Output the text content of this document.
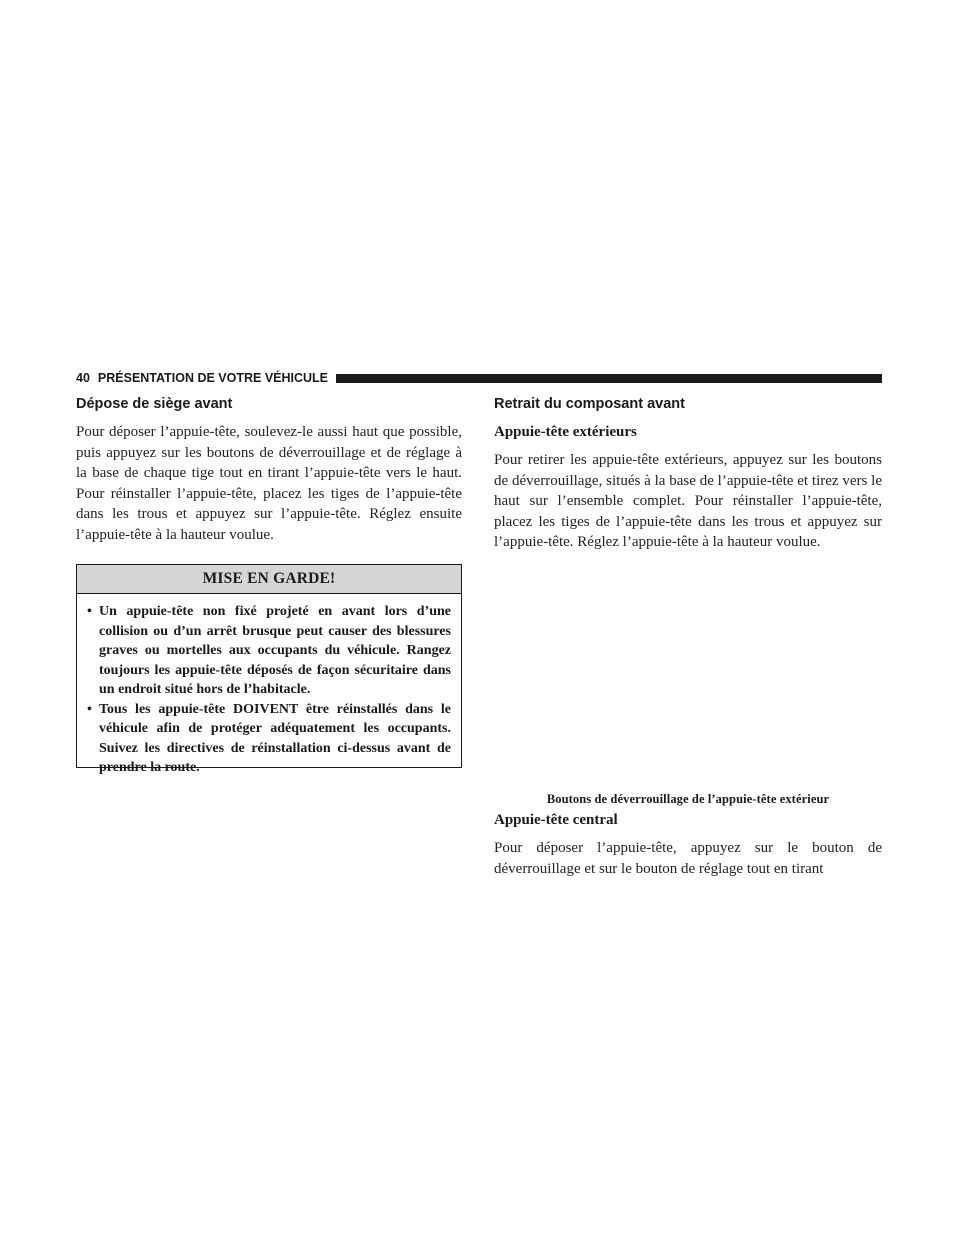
40 PRÉSENTATION DE VOTRE VÉHICULE
Dépose de siège avant

Pour déposer l’appuie-tête, soulevez-le aussi haut que possible, puis appuyez sur les boutons de déverrouillage et de réglage à la base de chaque tige tout en tirant l’appuie-tête vers le haut. Pour réinstaller l’appuie-tête, placez les tiges de l’appuie-tête dans les trous et appuyez sur l’appuie-tête. Réglez ensuite l’appuie-tête à la hauteur voulue.

MISE EN GARDE!
• Un appuie-tête non fixé projeté en avant lors d’une collision ou d’un arrêt brusque peut causer des blessures graves ou mortelles aux occupants du véhicule. Rangez toujours les appuie-tête déposés de façon sécuritaire dans un endroit situé hors de l’habitacle.
• Tous les appuie-tête DOIVENT être réinstallés dans le véhicule afin de protéger adéquatement les occupants. Suivez les directives de réinstallation ci-dessus avant de prendre la route.
Retrait du composant avant
Appuie-tête extérieurs

Pour retirer les appuie-tête extérieurs, appuyez sur les boutons de déverrouillage, situés à la base de l’appuie-tête et tirez vers le haut sur l’ensemble complet. Pour réinstaller l’appuie-tête, placez les tiges de l’appuie-tête dans les trous et appuyez sur l’appuie-tête. Réglez l’appuie-tête à la hauteur voulue.

Boutons de déverrouillage de l’appuie-tête extérieur
Appuie-tête central

Pour déposer l’appuie-tête, appuyez sur le bouton de déverrouillage et sur le bouton de réglage tout en tirant
